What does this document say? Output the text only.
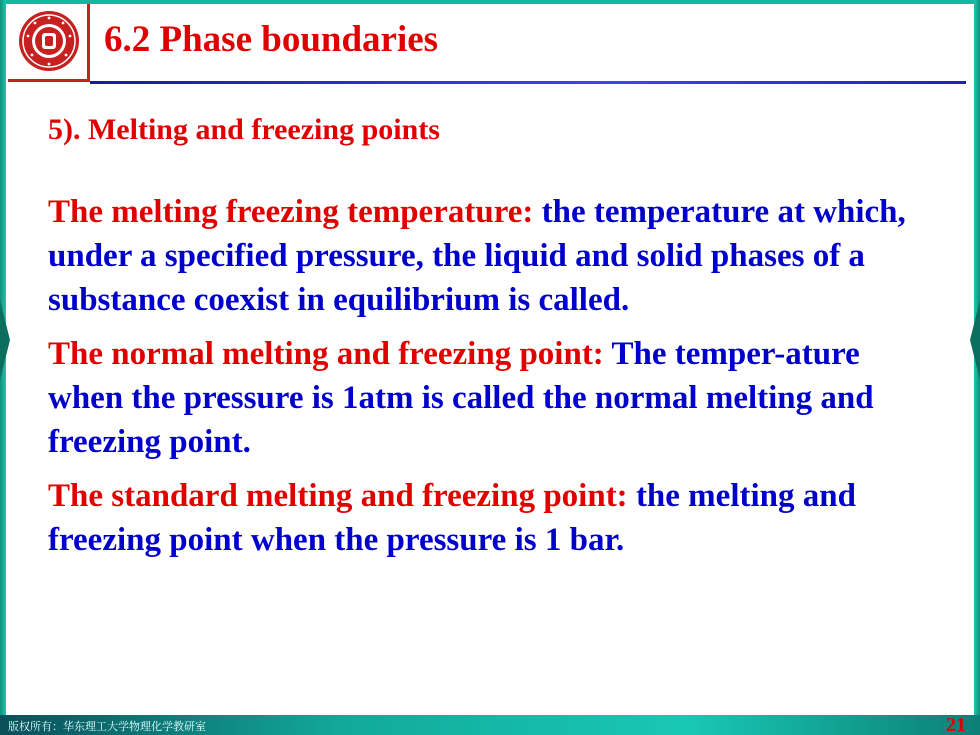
6.2 Phase boundaries

5). Melting and freezing points

The melting freezing temperature: the temperature at which, under a specified pressure, the liquid and solid phases of a substance coexist in equilibrium is called.

The normal melting and freezing point: The temper-ature when the pressure is 1atm is called the normal melting and freezing point.

The standard melting and freezing point: the melting and freezing point when the pressure is 1 bar.

版权所有：华东理工大学物理化学教研室	21
